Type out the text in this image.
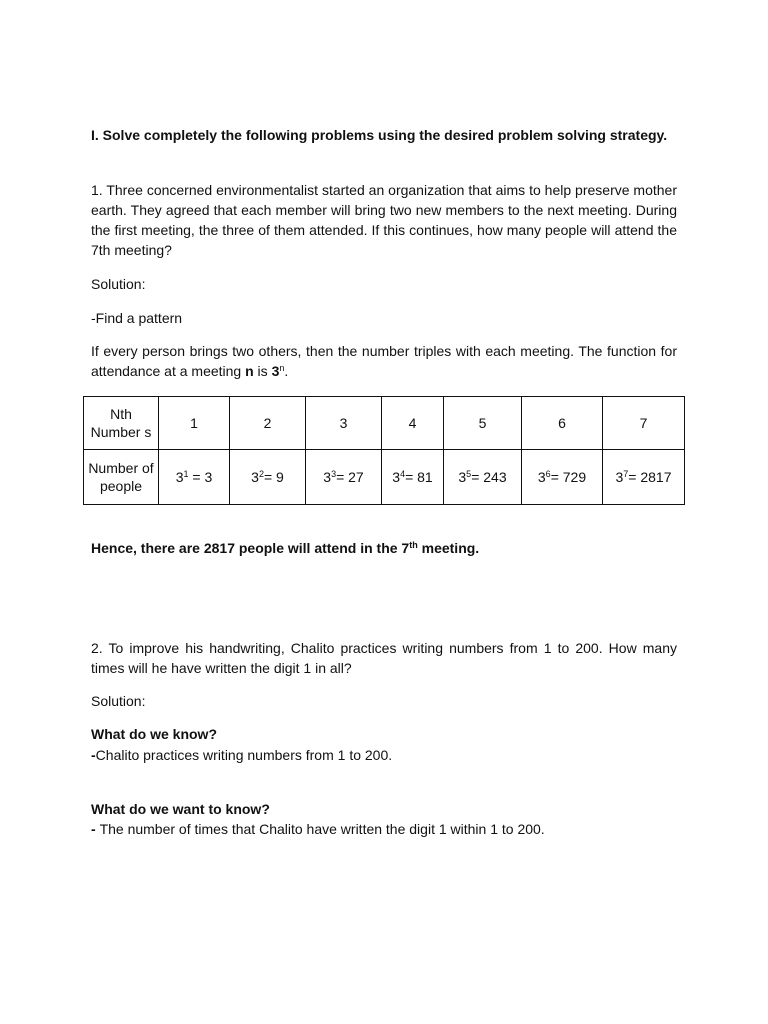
I. Solve completely the following problems using the desired problem solving strategy.

1. Three concerned environmentalist started an organization that aims to help preserve mother earth. They agreed that each member will bring two new members to the next meeting. During the first meeting, the three of them attended. If this continues, how many people will attend the 7th meeting?

Solution:

-Find a pattern

If every person brings two others, then the number triples with each meeting. The function for attendance at a meeting n is 3$^n$.

Nth Number s	1	2	3	4	5	6	7
Number of people	$3^1 = 3$	$3^2= 9$	$3^3= 27$	$3^4= 81$	$3^5= 243$	$3^6= 729$	$3^7= 2817$

Hence, there are 2817 people will attend in the 7th meeting.

2. To improve his handwriting, Chalito practices writing numbers from 1 to 200. How many times will he have written the digit 1 in all?

Solution:

What do we know?

-Chalito practices writing numbers from 1 to 200.

What do we want to know?

- The number of times that Chalito have written the digit 1 within 1 to 200.
